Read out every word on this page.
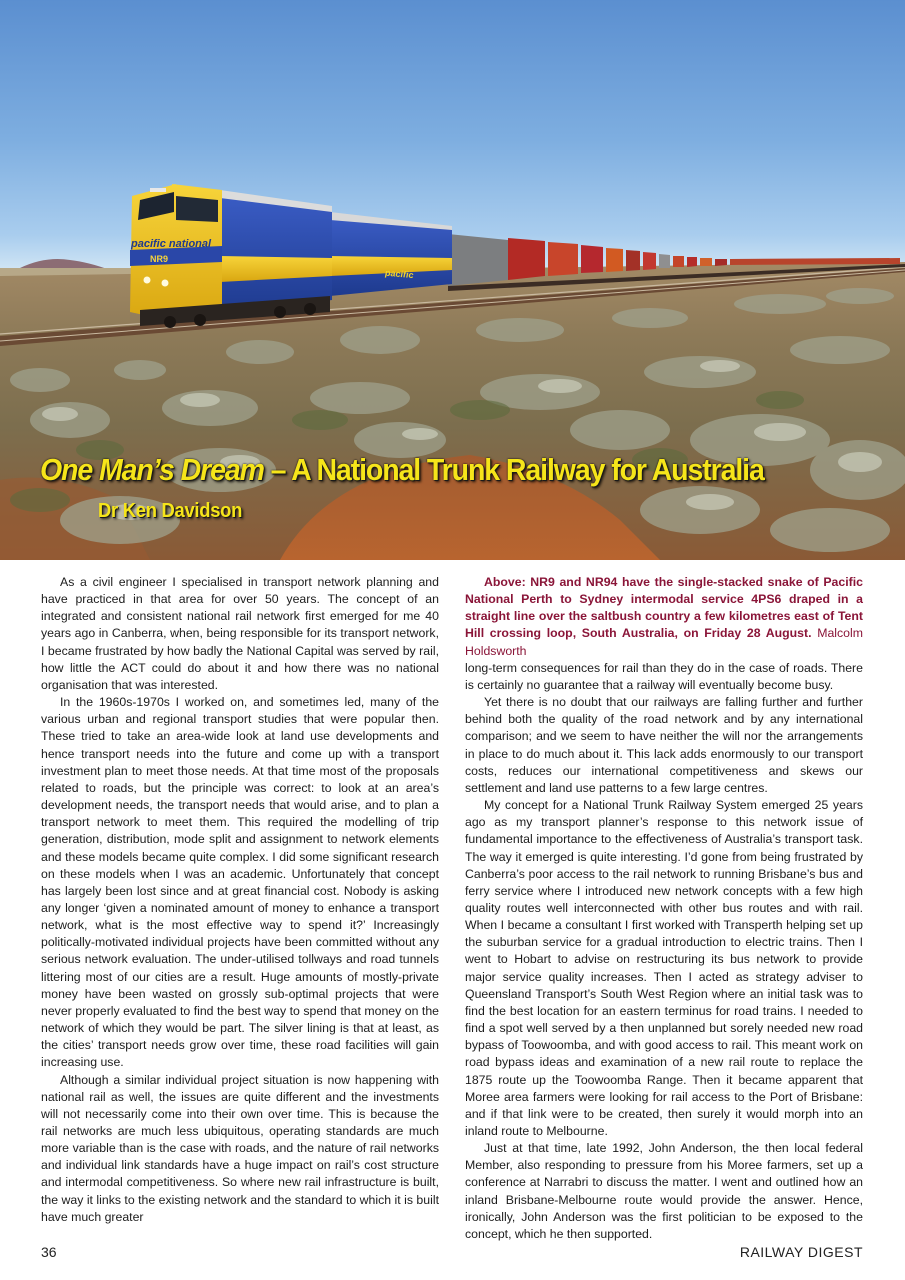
pacific
pacific national
NR9
One Man’s Dream – A National Trunk Railway for Australia

Dr Ken Davidson

As a civil engineer I specialised in transport network planning and have practiced in that area for over 50 years. The concept of an integrated and consistent national rail network first emerged for me 40 years ago in Canberra, when, being responsible for its transport network, I became frustrated by how badly the National Capital was served by rail, how little the ACT could do about it and how there was no national organisation that was interested.

In the 1960s-1970s I worked on, and sometimes led, many of the various urban and regional transport studies that were popular then. These tried to take an area-wide look at land use developments and hence transport needs into the future and come up with a transport investment plan to meet those needs. At that time most of the proposals related to roads, but the principle was correct: to look at an area’s development needs, the transport needs that would arise, and to plan a transport network to meet them. This required the modelling of trip generation, distribution, mode split and assignment to network elements and these models became quite complex. I did some significant research on these models when I was an academic. Unfortunately that concept has largely been lost since and at great financial cost. Nobody is asking any longer ‘given a nominated amount of money to enhance a transport network, what is the most effective way to spend it?’ Increasingly politically-motivated individual projects have been committed without any serious network evaluation. The under-utilised tollways and road tunnels littering most of our cities are a result. Huge amounts of mostly-private money have been wasted on grossly sub-optimal projects that were never properly evaluated to find the best way to spend that money on the network of which they would be part. The silver lining is that at least, as the cities’ transport needs grow over time, these road facilities will gain increasing use.

Although a similar individual project situation is now happening with national rail as well, the issues are quite different and the investments will not necessarily come into their own over time. This is because the rail networks are much less ubiquitous, operating standards are much more variable than is the case with roads, and the nature of rail networks and individual link standards have a huge impact on rail’s cost structure and intermodal competitiveness. So where new rail infrastructure is built, the way it links to the existing network and the standard to which it is built have much greater

Above: NR9 and NR94 have the single-stacked snake of Pacific National Perth to Sydney intermodal service 4PS6 draped in a straight line over the saltbush country a few kilometres east of Tent Hill crossing loop, South Australia, on Friday 28 August. Malcolm Holdsworth

long-term consequences for rail than they do in the case of roads. There is certainly no guarantee that a railway will eventually become busy.

Yet there is no doubt that our railways are falling further and further behind both the quality of the road network and by any international comparison; and we seem to have neither the will nor the arrangements in place to do much about it. This lack adds enormously to our transport costs, reduces our international competitiveness and skews our settlement and land use patterns to a few large centres.

My concept for a National Trunk Railway System emerged 25 years ago as my transport planner’s response to this network issue of fundamental importance to the effectiveness of Australia’s transport task. The way it emerged is quite interesting. I’d gone from being frustrated by Canberra’s poor access to the rail network to running Brisbane’s bus and ferry service where I introduced new network concepts with a few high quality routes well interconnected with other bus routes and with rail. When I became a consultant I first worked with Transperth helping set up the suburban service for a gradual introduction to electric trains. Then I went to Hobart to advise on restructuring its bus network to provide major service quality increases. Then I acted as strategy adviser to Queensland Transport’s South West Region where an initial task was to find the best location for an eastern terminus for road trains. I needed to find a spot well served by a then unplanned but sorely needed new road bypass of Toowoomba, and with good access to rail. This meant work on road bypass ideas and examination of a new rail route to replace the 1875 route up the Toowoomba Range. Then it became apparent that Moree area farmers were looking for rail access to the Port of Brisbane: and if that link were to be created, then surely it would morph into an inland route to Melbourne.

Just at that time, late 1992, John Anderson, the then local federal Member, also responding to pressure from his Moree farmers, set up a conference at Narrabri to discuss the matter. I went and outlined how an inland Brisbane-Melbourne route would provide the answer. Hence, ironically, John Anderson was the first politician to be exposed to the concept, which he then supported.

36	RAILWAY DIGEST
